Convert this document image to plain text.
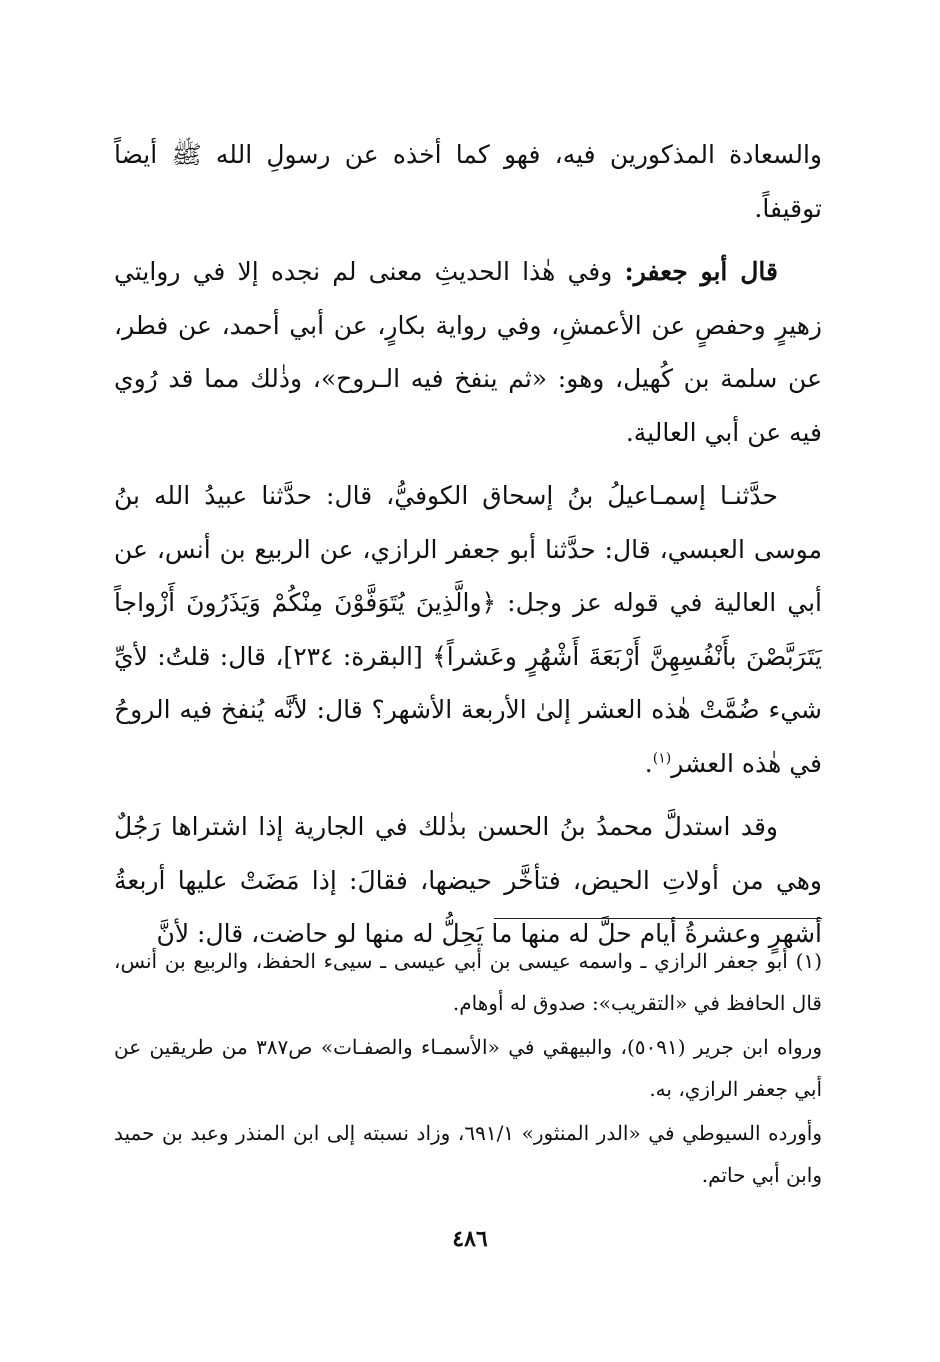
والسعادة المذكورين فيه، فهو كما أخذه عن رسولِ الله ﷺ أيضاً توقيفاً.

قال أبو جعفر: وفي هٰذا الحديثِ معنى لم نجده إلا في روايتي زهيرٍ وحفصٍ عن الأعمشِ، وفي رواية بكارٍ، عن أبي أحمد، عن فطر، عن سلمة بن كُهيل، وهو: «ثم ينفخ فيه الـروح»، وذٰلك مما قد رُوي فيه عن أبي العالية.

حدَّثنـا إسمـاعيلُ بنُ إسحاق الكوفيُّ، قال: حدَّثنا عبيدُ الله بنُ موسى العبسي، قال: حدَّثنا أبو جعفر الرازي، عن الربيع بن أنس، عن أبي العالية في قوله عز وجل: ﴿والَّذِينَ يُتَوَفَّوْنَ مِنْكُمْ وَيَذَرُونَ أَزْواجاً يَتَرَبَّصْنَ بأَنْفُسِهِنَّ أَرْبَعَةَ أَشْهُرٍ وعَشراً﴾ [البقرة: ٢٣٤]، قال: قلتُ: لأيِّ شيء ضُمَّتْ هٰذه العشر إلىٰ الأربعة الأشهر؟ قال: لأنَّه يُنفخ فيه الروحُ في هٰذه العشر$^{(١)}$.

وقد استدلَّ محمدُ بنُ الحسن بذٰلك في الجارية إذا اشتراها رَجُلٌ وهي من أولاتِ الحيض، فتأخَّر حيضها، فقالَ: إذا مَضَتْ عليها أربعةُ أشهرٍ وعشرةُ أيام حلَّ له منها ما يَحِلُّ له منها لو حاضت، قال: لأنَّ

(١) أبو جعفر الرازي ـ واسمه عيسى بن أبي عيسى ـ سيىء الحفظ، والربيع بن أنس، قال الحافظ في «التقريب»: صدوق له أوهام.

ورواه ابن جرير (٥٠٩١)، والبيهقي في «الأسمـاء والصفـات» ص٣٨٧ من طريقين عن أبي جعفر الرازي، به.

وأورده السيوطي في «الدر المنثور» ٦٩١/١، وزاد نسبته إلى ابن المنذر وعبد بن حميد وابن أبي حاتم.

٤٨٦
